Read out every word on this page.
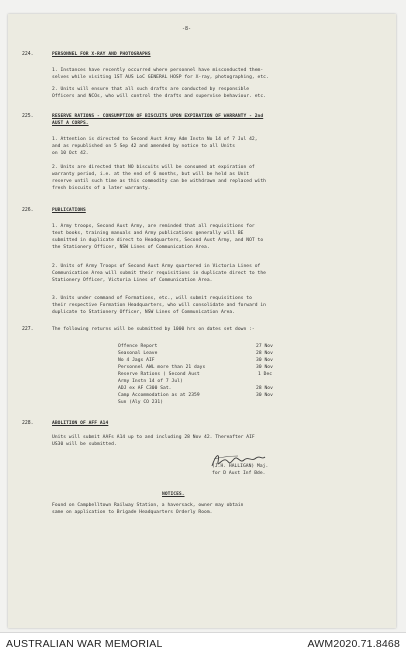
-8-
224.	PERSONNEL FOR X-RAY AND PHOTOGRAPHS
1. Instances have recently occurred where personnel have misconducted them-
selves while visiting 1ST AUS LoC GENERAL HOSP for X-ray, photographing, etc.
2. Units will ensure that all such drafts are conducted by responsible
Officers and NCOs, who will control the drafts and supervise behaviour. etc.
225.	RESERVE RATIONS - CONSUMPTION OF BISCUITS UPON EXPIRATION OF WARRANTY - 2nd
AUST A CORPS.
1. Attention is directed to Second Aust Army Adm Instn No 14 of 7 Jul 42,
and as republished on 5 Sep 42 and amended by notice to all Units
on 10 Oct 42.
2. Units are directed that NO biscuits will be consumed at expiration of
warranty period, i.e. at the end of 6 months, but will be held as Unit
reserve until such time as this commodity can be withdrawn and replaced with
fresh biscuits of a later warranty.
226.	PUBLICATIONS
1. Army troops, Second Aust Army, are reminded that all requisitions for
text books, training manuals and Army publications generally will BE
submitted in duplicate direct to Headquarters, Second Aust Army, and NOT to
the Stationery Officer, NSW Lines of Communication Area.
2. Units of Army Troops of Second Aust Army quartered in Victoria Lines of
Communication Area will submit their requisitions in duplicate direct to the
Stationery Officer, Victoria Lines of Communication Area.
3. Units under command of Formations, etc., will submit requisitions to
their respective Formation Headquarters, who will consolidate and forward in
duplicate to Stationery Officer, NSW Lines of Communication Area.
227.	The following returns will be submitted by 1000 hrs on dates set down :-
Offence Report	27 Nov
Seasonal Leave	28 Nov
No 4 Jags AIF	30 Nov
Personnel AWL more than 21 days	30 Nov
Reserve Rations ( Second Aust	1 Dec
Army Instn 14 of 7 Jul)
ADJ ex AF C300 Sat.	28 Nov
Camp Accommodation as at 2359	30 Nov
Sun (Aly CO 231)
228.	ABOLITION OF AFF A14
Units will submit AAFs A14 up to and including 28 Nov 42. Thereafter AIF
US30 will be submitted.
(J.H. HALLIGAN) Maj.
for D Aust Inf Bde.
NOTICES.
Found on Campbelltown Railway Station, a haversack, owner may obtain
same on application to Brigade Headquarters Orderly Room.
AUSTRALIAN WAR MEMORIAL	AWM2020.71.8468
